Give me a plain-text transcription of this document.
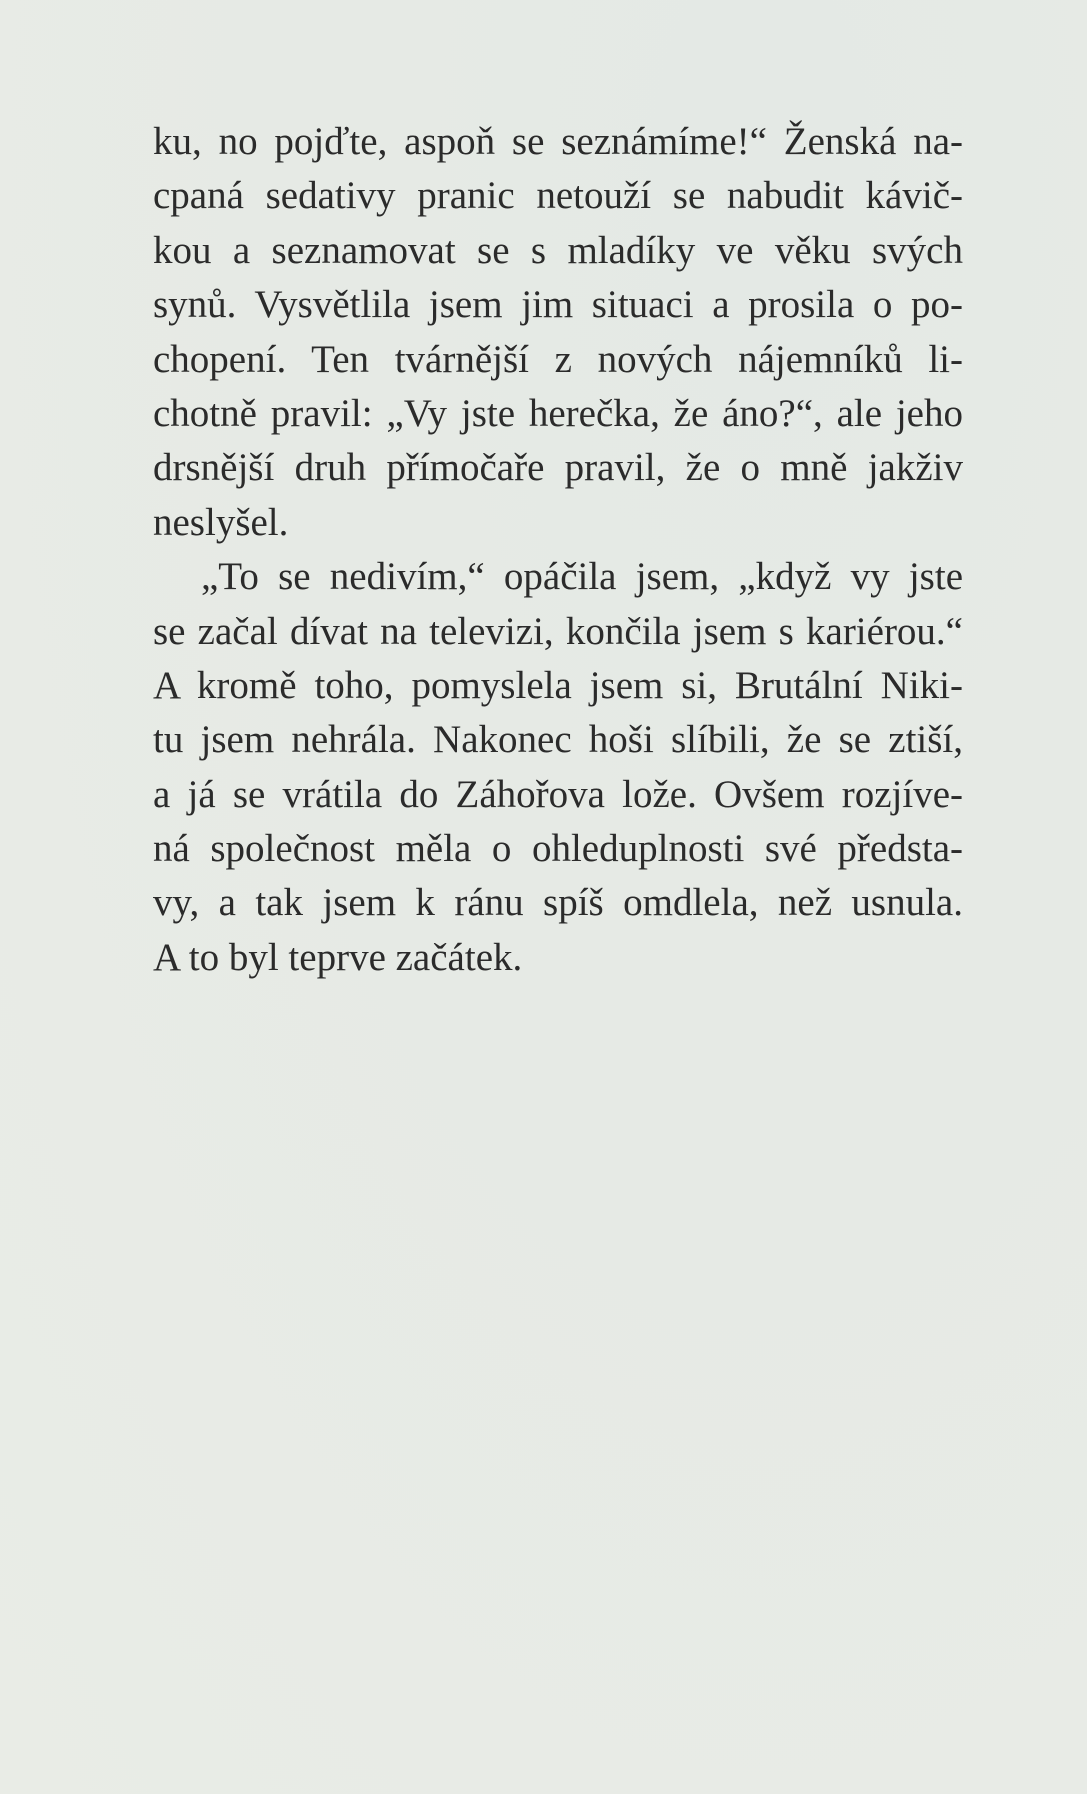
ku, no pojďte, aspoň se seznámíme!“ Ženská na-
cpaná sedativy pranic netouží se nabudit kávič-
kou a seznamovat se s mladíky ve věku svých
synů. Vysvětlila jsem jim situaci a prosila o po-
chopení. Ten tvárnější z nových nájemníků li-
chotně pravil: „Vy jste herečka, že áno?“, ale jeho
drsnější druh přímočaře pravil, že o mně jakživ
neslyšel.
„To se nedivím,“ opáčila jsem, „když vy jste
se začal dívat na televizi, končila jsem s kariérou.“
A kromě toho, pomyslela jsem si, Brutální Niki-
tu jsem nehrála. Nakonec hoši slíbili, že se ztiší,
a já se vrátila do Záhořova lože. Ovšem rozjíve-
ná společnost měla o ohleduplnosti své předsta-
vy, a tak jsem k ránu spíš omdlela, než usnula.
A to byl teprve začátek.
